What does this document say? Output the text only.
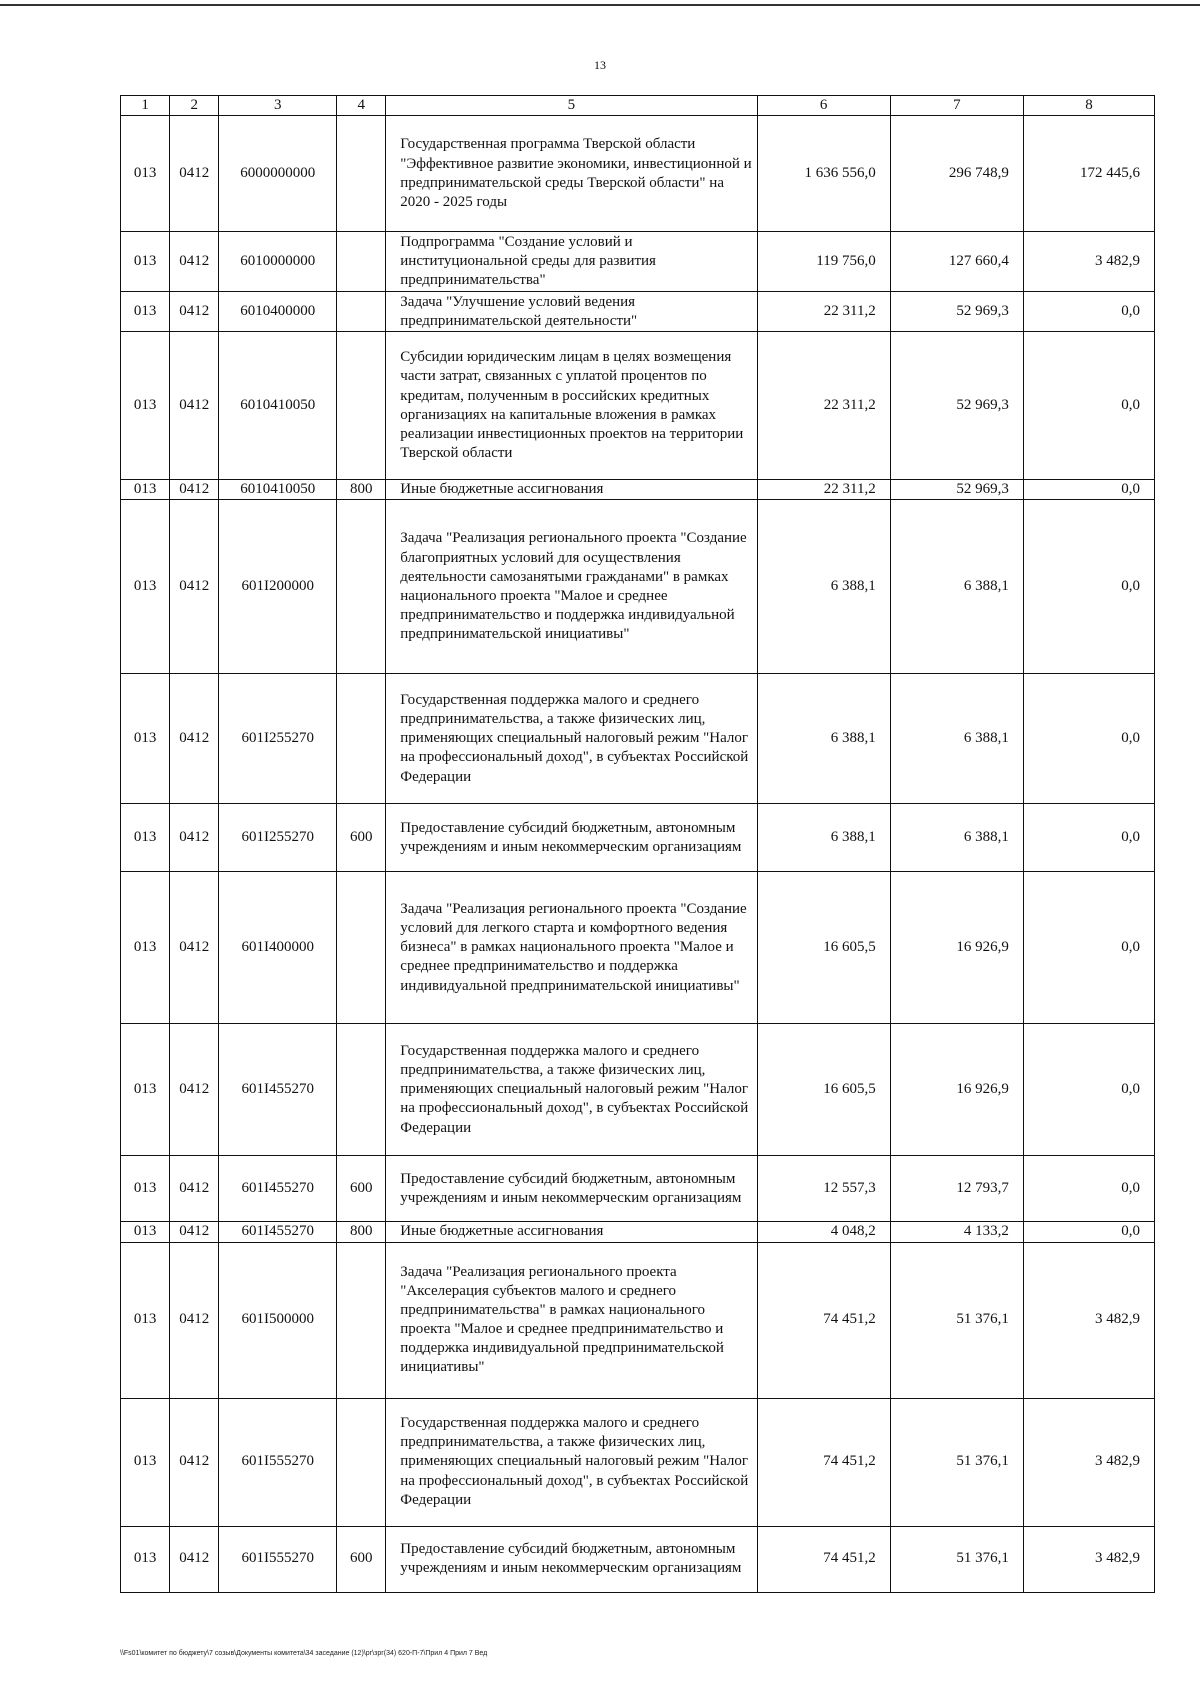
13
1	2	3	4	5	6	7	8
013	0412	6000000000		Государственная программа Тверской области "Эффективное развитие экономики, инвестиционной и предпринимательской среды Тверской области" на 2020 - 2025 годы	1 636 556,0	296 748,9	172 445,6
013	0412	6010000000		Подпрограмма "Создание условий и институциональной среды для развития предпринимательства"	119 756,0	127 660,4	3 482,9
013	0412	6010400000		Задача "Улучшение условий ведения предпринимательской деятельности"	22 311,2	52 969,3	0,0
013	0412	6010410050		Субсидии юридическим лицам в целях возмещения части затрат, связанных с уплатой процентов по кредитам, полученным в российских кредитных организациях на капитальные вложения в рамках реализации инвестиционных проектов на территории Тверской области	22 311,2	52 969,3	0,0
013	0412	6010410050	800	Иные бюджетные ассигнования	22 311,2	52 969,3	0,0
013	0412	601I200000		Задача "Реализация регионального проекта "Создание благоприятных условий для осуществления деятельности самозанятыми гражданами" в рамках национального проекта "Малое и среднее предпринимательство и поддержка индивидуальной предпринимательской инициативы"	6 388,1	6 388,1	0,0
013	0412	601I255270		Государственная поддержка малого и среднего предпринимательства, а также физических лиц, применяющих специальный налоговый режим "Налог на профессиональный доход", в субъектах Российской Федерации	6 388,1	6 388,1	0,0
013	0412	601I255270	600	Предоставление субсидий бюджетным, автономным учреждениям и иным некоммерческим организациям	6 388,1	6 388,1	0,0
013	0412	601I400000		Задача "Реализация регионального проекта "Создание условий для легкого старта и комфортного ведения бизнеса" в рамках национального проекта "Малое и среднее предпринимательство и поддержка индивидуальной предпринимательской инициативы"	16 605,5	16 926,9	0,0
013	0412	601I455270		Государственная поддержка малого и среднего предпринимательства, а также физических лиц, применяющих специальный налоговый режим "Налог на профессиональный доход", в субъектах Российской Федерации	16 605,5	16 926,9	0,0
013	0412	601I455270	600	Предоставление субсидий бюджетным, автономным учреждениям и иным некоммерческим организациям	12 557,3	12 793,7	0,0
013	0412	601I455270	800	Иные бюджетные ассигнования	4 048,2	4 133,2	0,0
013	0412	601I500000		Задача "Реализация регионального проекта "Акселерация субъектов малого и среднего предпринимательства" в рамках национального проекта "Малое и среднее предпринимательство и поддержка индивидуальной предпринимательской инициативы"	74 451,2	51 376,1	3 482,9
013	0412	601I555270		Государственная поддержка малого и среднего предпринимательства, а также физических лиц, применяющих специальный налоговый режим "Налог на профессиональный доход", в субъектах Российской Федерации	74 451,2	51 376,1	3 482,9
013	0412	601I555270	600	Предоставление субсидий бюджетным, автономным учреждениям и иным некоммерческим организациям	74 451,2	51 376,1	3 482,9
\\Fs01\комитет по бюджету\7 созыв\Документы комитета\34 заседание (12)\рг\зрг(34) 620-П-7\Прил 4 Прил 7 Вед
